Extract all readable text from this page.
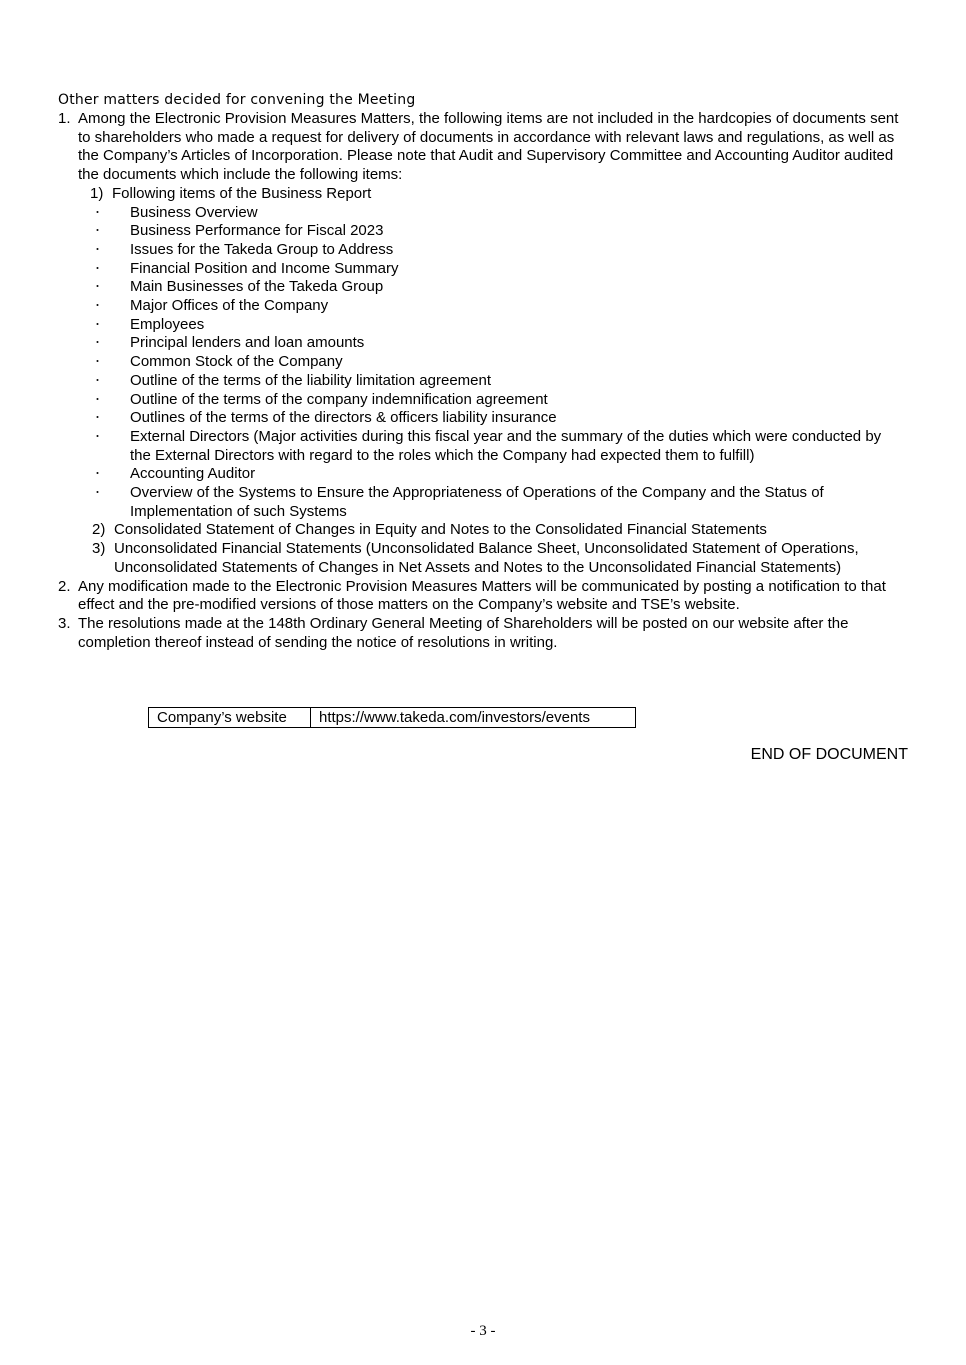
Other matters decided for convening the Meeting
1. Among the Electronic Provision Measures Matters, the following items are not included in the hardcopies of documents sent to shareholders who made a request for delivery of documents in accordance with relevant laws and regulations, as well as the Company’s Articles of Incorporation. Please note that Audit and Supervisory Committee and Accounting Auditor audited the documents which include the following items:
1) Following items of the Business Report
・	Business Overview
・	Business Performance for Fiscal 2023
・	Issues for the Takeda Group to Address
・	Financial Position and Income Summary
・	Main Businesses of the Takeda Group
・	Major Offices of the Company
・	Employees
・	Principal lenders and loan amounts
・	Common Stock of the Company
・	Outline of the terms of the liability limitation agreement
・	Outline of the terms of the company indemnification agreement
・	Outlines of the terms of the directors & officers liability insurance
・	External Directors (Major activities during this fiscal year and the summary of the duties which were conducted by the External Directors with regard to the roles which the Company had expected them to fulfill)
・	Accounting Auditor
・	Overview of the Systems to Ensure the Appropriateness of Operations of the Company and the Status of Implementation of such Systems
2) Consolidated Statement of Changes in Equity and Notes to the Consolidated Financial Statements
3) Unconsolidated Financial Statements (Unconsolidated Balance Sheet, Unconsolidated Statement of Operations, Unconsolidated Statements of Changes in Net Assets and Notes to the Unconsolidated Financial Statements)
2. Any modification made to the Electronic Provision Measures Matters will be communicated by posting a notification to that effect and the pre-modified versions of those matters on the Company’s website and TSE’s website.
3. The resolutions made at the 148th Ordinary General Meeting of Shareholders will be posted on our website after the completion thereof instead of sending the notice of resolutions in writing.
Company’s website	https://www.takeda.com/investors/events
END OF DOCUMENT
- 3 -
